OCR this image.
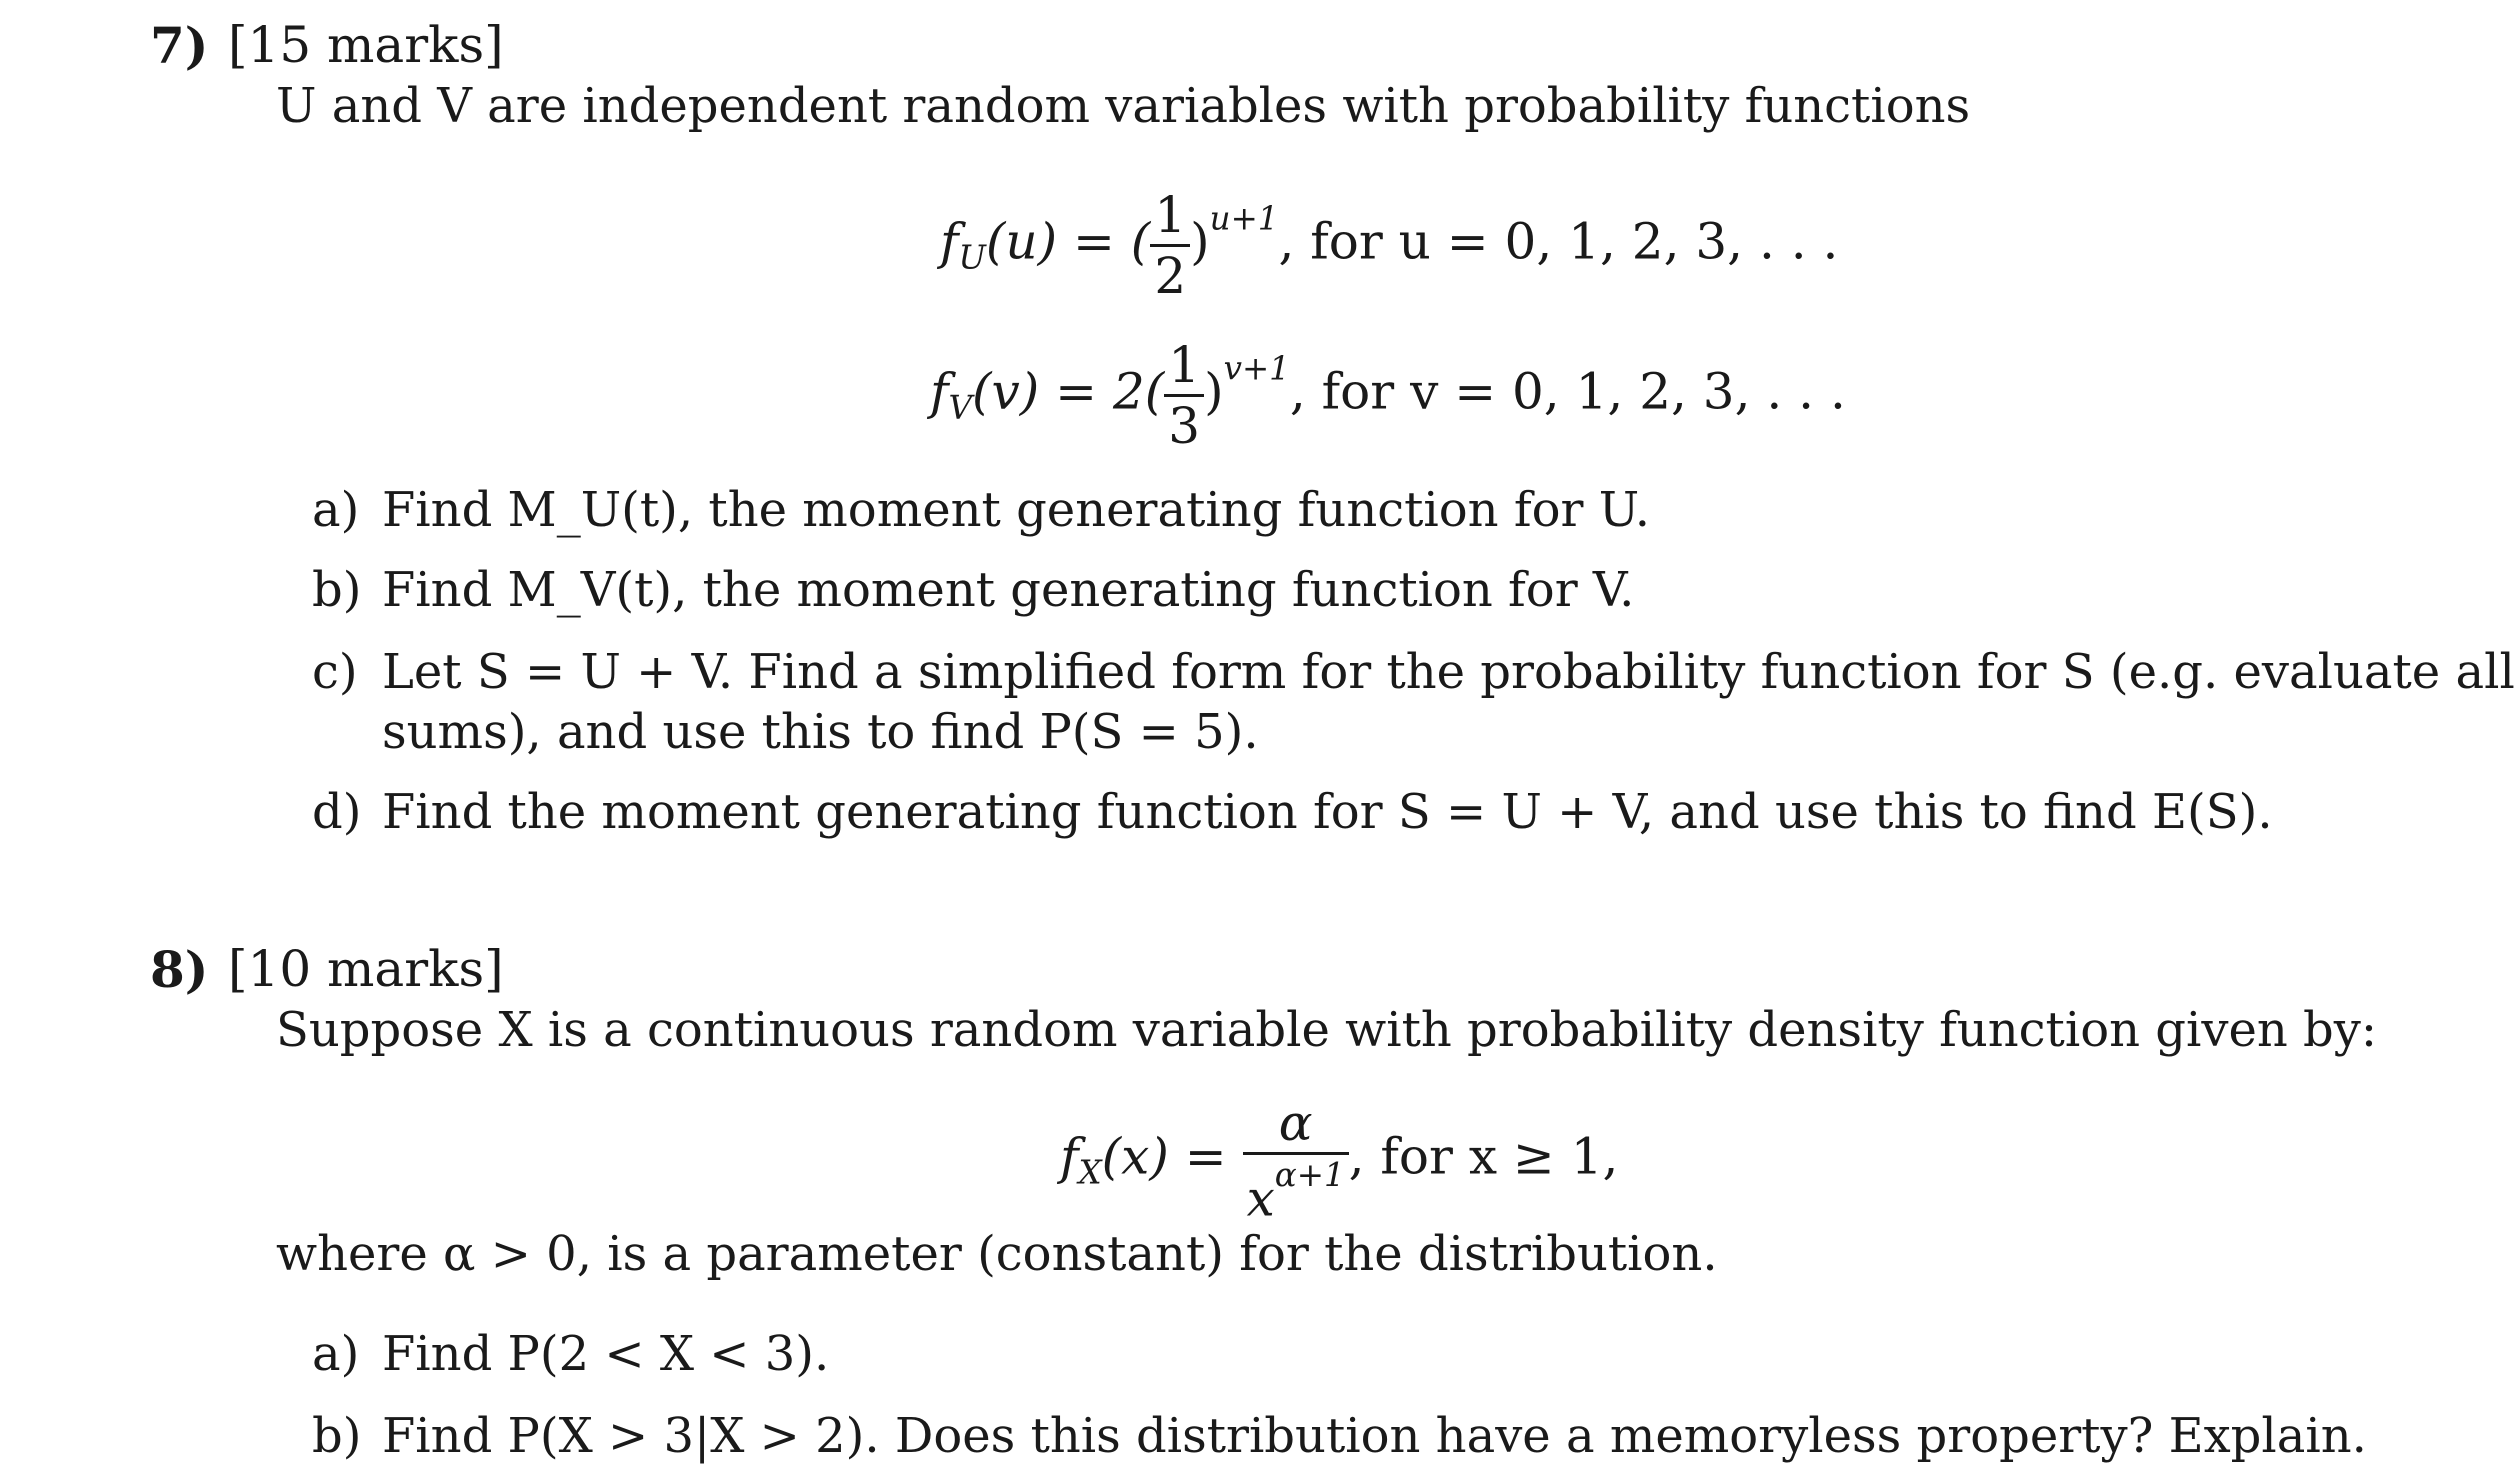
7) [15 marks]
U and V are independent random variables with probability functions
$f_U(u)$ = ( $\frac{1}{2} )^{u+1}$, for u = 0, 1, 2, 3, . . .
$f_V(v) = 2( \frac{1}{3} )^{v+1}$, for v = 0, 1, 2, 3, . . .
a) Find M_U(t), the moment generating function for U.
b) Find M_V(t), the moment generating function for V.
c) Let S = U + V. Find a simplified form for the probability function for S (e.g. evaluate all
sums), and use this to find P(S = 5).
d) Find the moment generating function for S = U + V, and use this to find E(S).
8) [10 marks]
Suppose X is a continuous random variable with probability density function given by:
$f_X(x) = \frac{\alpha}{x^{\alpha+1}}$ , for x ≥ 1,
where α > 0, is a parameter (constant) for the distribution.
a) Find P(2 < X < 3).
b) Find P(X > 3|X > 2). Does this distribution have a memoryless property? Explain.
